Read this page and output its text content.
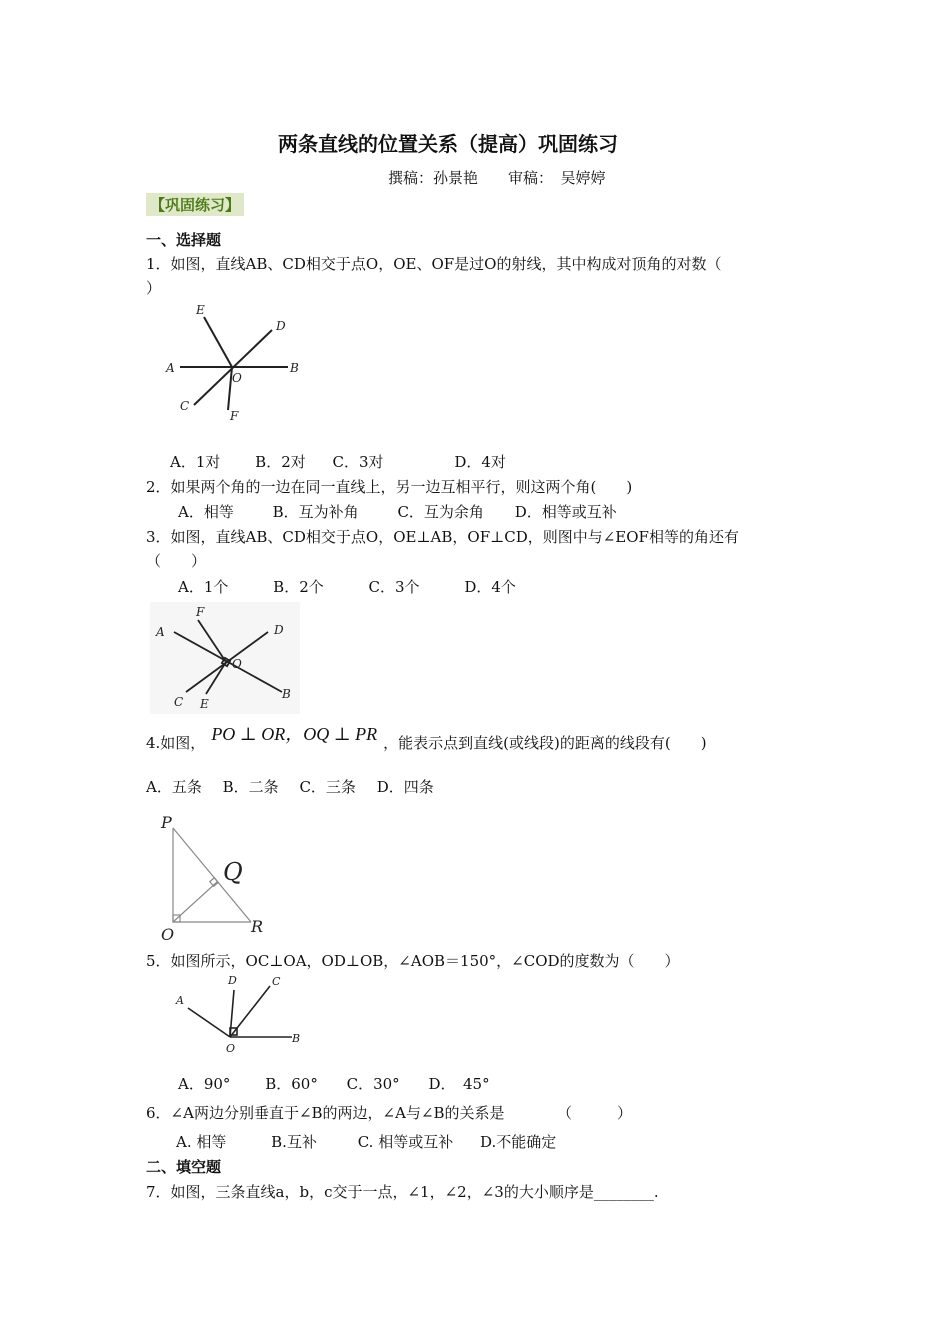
两条直线的位置关系（提高）巩固练习
撰稿：孙景艳　　审稿：　吴婷婷
【巩固练习】
一、选择题
1．如图，直线AB、CD相交于点O，OE、OF是过O的射线，其中构成对顶角的对数（
）
E
D
A
O
B
C
F
A．1对 B．2对 C．3对	D．4对
2．如果两个角的一边在同一直线上，另一边互相平行，则这两个角(　　)
A．相等	B．互为补角	C．互为余角 D．相等或互补
3．如图，直线AB、CD相交于点O，OE⊥AB，OF⊥CD，则图中与∠EOF相等的角还有
（　　）
A．1个	B．2个	C．3个	D．4个
F
D
A
O
C E
B
4.如图， PO ⊥ OR，OQ ⊥ PR ，能表示点到直线(或线段)的距离的线段有(　　)
A．五条 B．二条 C．三条 D．四条
P
Q
R
O
5．如图所示，OC⊥OA，OD⊥OB，∠AOB＝150°，∠COD的度数为（　　）
D	C
A
O
B
A．90° B．60° C．30° D．　45°
6．∠A两边分别垂直于∠B的两边，∠A与∠B的关系是　　　　（　　　）
A. 相等	B.互补	C. 相等或互补 D.不能确定
二、填空题
7．如图，三条直线a，b，c交于一点，∠1，∠2，∠3的大小顺序是________.
